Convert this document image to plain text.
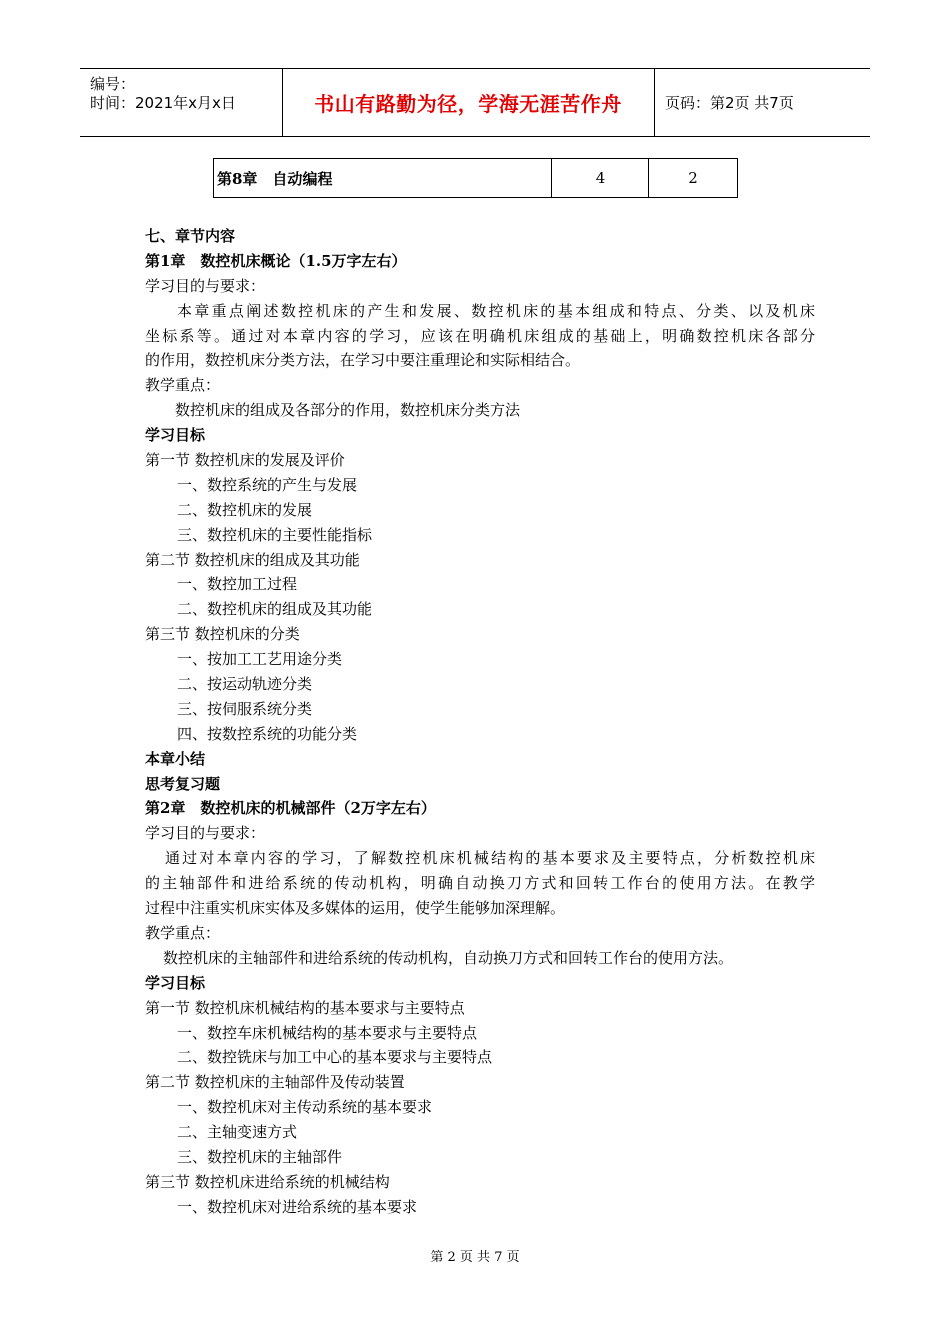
编号：
时间：2021年x月x日	书山有路勤为径，学海无涯苦作舟	页码：第2页 共7页
第8章　自动编程	4	2
七、章节内容
第1章　数控机床概论（1.5万字左右）
学习目的与要求：
本章重点阐述数控机床的产生和发展、数控机床的基本组成和特点、分类、以及机床
坐标系等。通过对本章内容的学习，应该在明确机床组成的基础上，明确数控机床各部分
的作用，数控机床分类方法，在学习中要注重理论和实际相结合。
教学重点：
数控机床的组成及各部分的作用，数控机床分类方法
学习目标
第一节 数控机床的发展及评价
一、数控系统的产生与发展
二、数控机床的发展
三、数控机床的主要性能指标
第二节 数控机床的组成及其功能
一、数控加工过程
二、数控机床的组成及其功能
第三节 数控机床的分类
一、按加工工艺用途分类
二、按运动轨迹分类
三、按伺服系统分类
四、按数控系统的功能分类
本章小结
思考复习题
第2章　数控机床的机械部件（2万字左右）
学习目的与要求：
通过对本章内容的学习，了解数控机床机械结构的基本要求及主要特点，分析数控机床
的主轴部件和进给系统的传动机构，明确自动换刀方式和回转工作台的使用方法。在教学
过程中注重实机床实体及多媒体的运用，使学生能够加深理解。
教学重点：
数控机床的主轴部件和进给系统的传动机构，自动换刀方式和回转工作台的使用方法。
学习目标
第一节 数控机床机械结构的基本要求与主要特点
一、数控车床机械结构的基本要求与主要特点
二、数控铣床与加工中心的基本要求与主要特点
第二节 数控机床的主轴部件及传动装置
一、数控机床对主传动系统的基本要求
二、主轴变速方式
三、数控机床的主轴部件
第三节 数控机床进给系统的机械结构
一、数控机床对进给系统的基本要求
第 2 页 共 7 页
